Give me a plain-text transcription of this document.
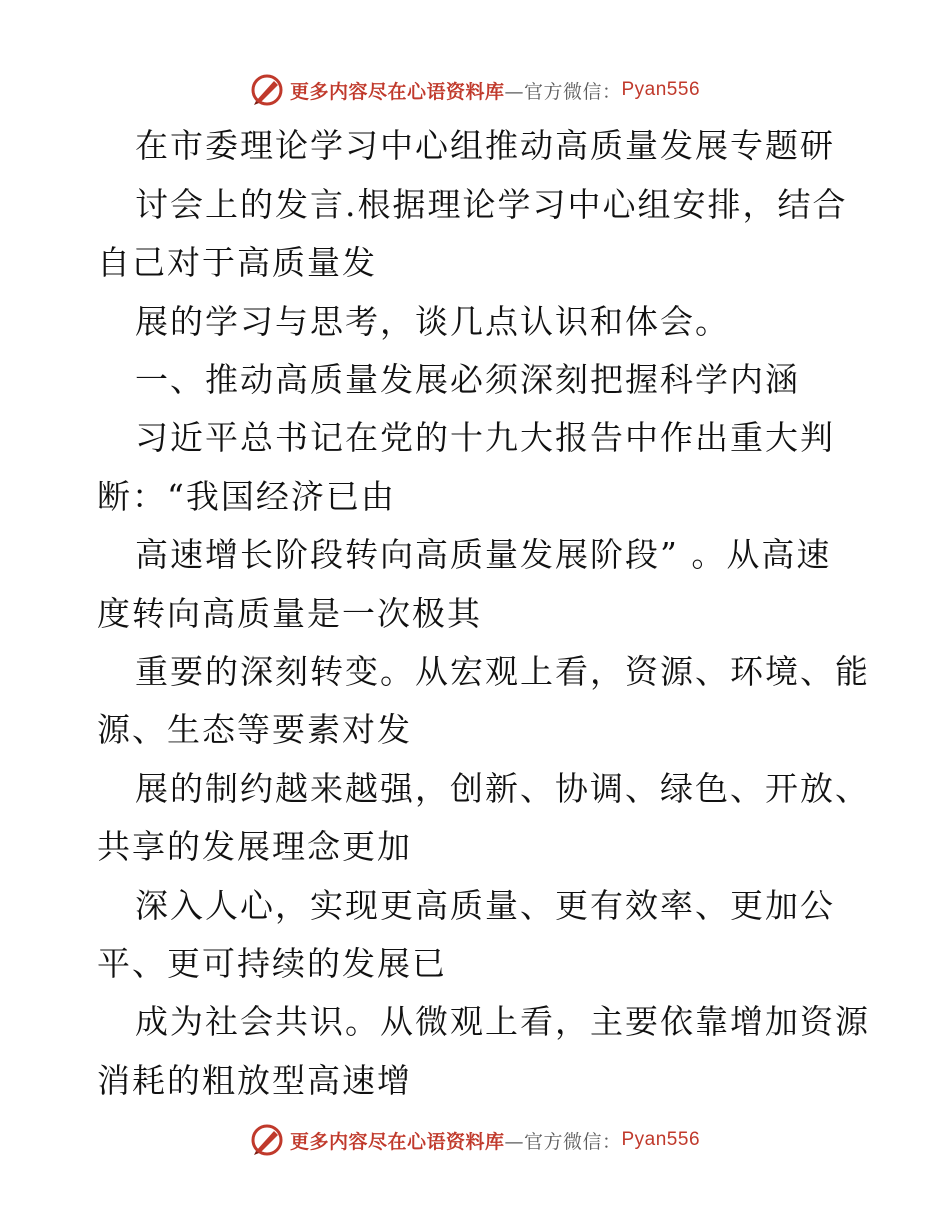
更多内容尽在心语资料库 —官方微信： Pyan556
在市委理论学习中心组推动高质量发展专题研
讨会上的发言.根据理论学习中心组安排，结合
自己对于高质量发
展的学习与思考，谈几点认识和体会。
一、推动高质量发展必须深刻把握科学内涵
习近平总书记在党的十九大报告中作出重大判
断：“我国经济已由
高速增长阶段转向高质量发展阶段” 。从高速
度转向高质量是一次极其
重要的深刻转变。从宏观上看，资源、环境、能
源、生态等要素对发
展的制约越来越强，创新、协调、绿色、开放、
共享的发展理念更加
深入人心，实现更高质量、更有效率、更加公
平、更可持续的发展已
成为社会共识。从微观上看，主要依靠增加资源
消耗的粗放型高速增
更多内容尽在心语资料库 —官方微信： Pyan556
